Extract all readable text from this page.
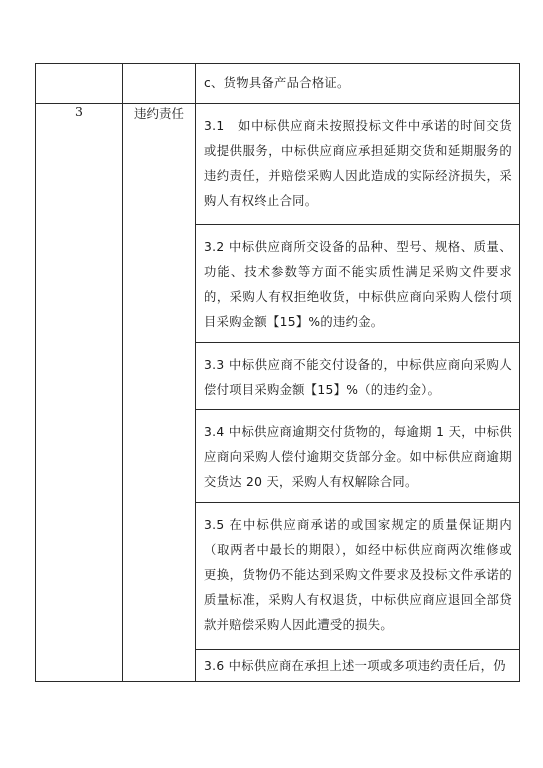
		c、货物具备产品合格证。

3	违约责任	3.1　如中标供应商未按照投标文件中承诺的时间交货或提供服务，中标供应商应承担延期交货和延期服务的违约责任，并赔偿采购人因此造成的实际经济损失，采购人有权终止合同。

		3.2 中标供应商所交设备的品种、型号、规格、质量、功能、技术参数等方面不能实质性满足采购文件要求的，采购人有权拒绝收货，中标供应商向采购人偿付项目采购金额【15】%的违约金。

		3.3 中标供应商不能交付设备的，中标供应商向采购人偿付项目采购金额【15】%（的违约金）。

		3.4 中标供应商逾期交付货物的，每逾期 1 天，中标供应商向采购人偿付逾期交货部分金。如中标供应商逾期交货达 20 天，采购人有权解除合同。

		3.5 在中标供应商承诺的或国家规定的质量保证期内（取两者中最长的期限），如经中标供应商两次维修或更换，货物仍不能达到采购文件要求及投标文件承诺的质量标准，采购人有权退货，中标供应商应退回全部贷款并赔偿采购人因此遭受的损失。

		3.6 中标供应商在承担上述一项或多项违约责任后，仍
